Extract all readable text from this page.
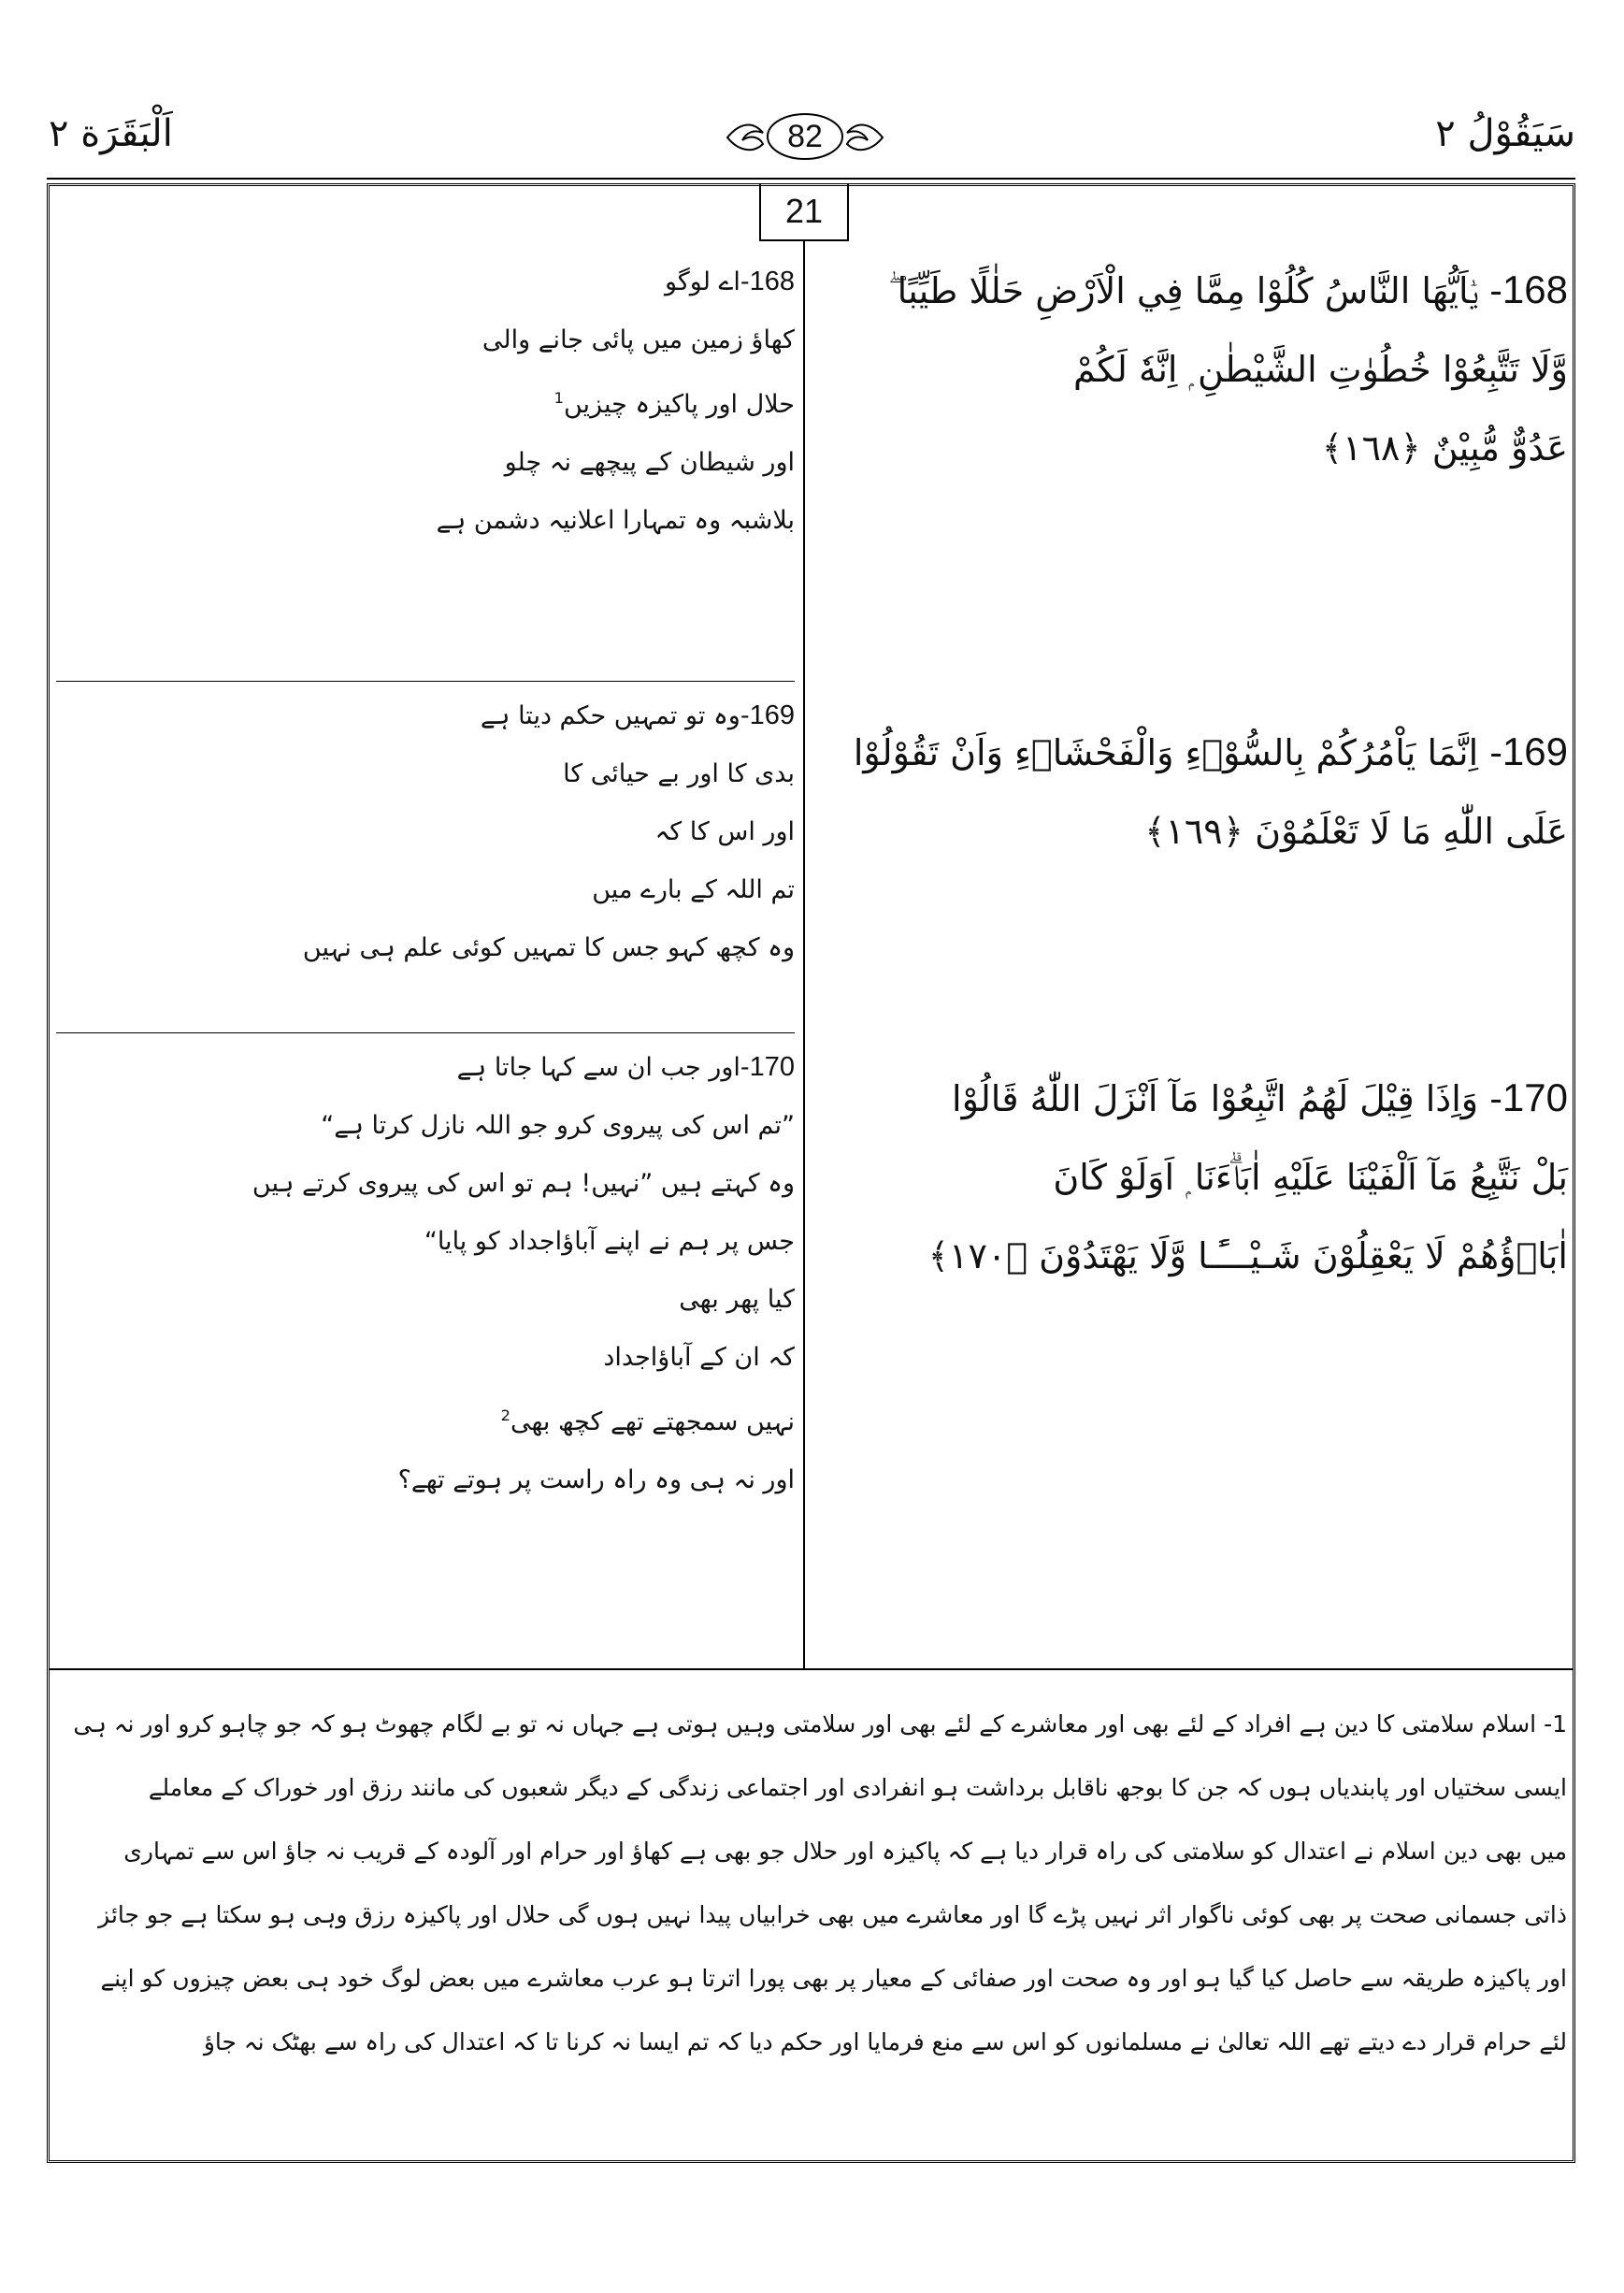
اَلْبَقَرَة ٢	سَيَقُوْلُ ٢
82
21
168- يٰۤاَيُّهَا النَّاسُ كُلُوْا مِمَّا فِي الْاَرْضِ حَلٰلًا طَيِّبًا ۖ
وَّلَا تَتَّبِعُوْا خُطُوٰتِ الشَّيْطٰنِ ۭ اِنَّهٗ لَكُمْ
عَدُوٌّ مُّبِيْنٌ ﴿١٦٨﴾
168-اے لوگو
کھاؤ زمین میں پائی جانے والی
حلال اور پاکیزہ چیزیں$^1$
اور شیطان کے پیچھے نہ چلو
بلاشبہ وہ تمہارا اعلانیہ دشمن ہے
169- اِنَّمَا يَاْمُرُكُمْ بِالسُّوْۗءِ وَالْفَحْشَاۗءِ وَاَنْ تَقُوْلُوْا
عَلَى اللّٰهِ مَا لَا تَعْلَمُوْنَ ﴿١٦٩﴾
169-وہ تو تمہیں حکم دیتا ہے
بدی کا اور بے حیائی کا
اور اس کا کہ
تم اللہ کے بارے میں
وہ کچھ کہو جس کا تمہیں کوئی علم ہی نہیں
170- وَاِذَا قِيْلَ لَهُمُ اتَّبِعُوْا مَآ اَنْزَلَ اللّٰهُ قَالُوْا
بَلْ نَتَّبِعُ مَآ اَلْفَيْنَا عَلَيْهِ اٰبَاۗءَنَا ۭ اَوَلَوْ كَانَ
اٰبَاۗؤُھُمْ لَا يَعْقِلُوْنَ شَـيْـــًٔـا وَّلَا يَهْتَدُوْنَ ﴿١٧٠﴾
170-اور جب ان سے کہا جاتا ہے
”تم اس کی پیروی کرو جو اللہ نازل کرتا ہے“
وہ کہتے ہیں ”نہیں! ہم تو اس کی پیروی کرتے ہیں
جس پر ہم نے اپنے آباؤاجداد کو پایا“
کیا پھر بھی
کہ ان کے آباؤاجداد
نہیں سمجھتے تھے کچھ بھی$^2$
اور نہ ہی وہ راہ راست پر ہوتے تھے؟
1- اسلام سلامتی کا دین ہے افراد کے لئے بھی اور معاشرے کے لئے بھی اور سلامتی وہیں ہوتی ہے جہاں نہ تو بے لگام چھوٹ ہو کہ جو چاہو کرو اور نہ ہی
ایسی سختیاں اور پابندیاں ہوں کہ جن کا بوجھ ناقابل برداشت ہو انفرادی اور اجتماعی زندگی کے دیگر شعبوں کی مانند رزق اور خوراک کے معاملے
میں بھی دین اسلام نے اعتدال کو سلامتی کی راہ قرار دیا ہے کہ پاکیزہ اور حلال جو بھی ہے کھاؤ اور حرام اور آلودہ کے قریب نہ جاؤ اس سے تمہاری
ذاتی جسمانی صحت پر بھی کوئی ناگوار اثر نہیں پڑے گا اور معاشرے میں بھی خرابیاں پیدا نہیں ہوں گی حلال اور پاکیزہ رزق وہی ہو سکتا ہے جو جائز
اور پاکیزہ طریقہ سے حاصل کیا گیا ہو اور وہ صحت اور صفائی کے معیار پر بھی پورا اترتا ہو عرب معاشرے میں بعض لوگ خود ہی بعض چیزوں کو اپنے
لئے حرام قرار دے دیتے تھے اللہ تعالیٰ نے مسلمانوں کو اس سے منع فرمایا اور حکم دیا کہ تم ایسا نہ کرنا تا کہ اعتدال کی راہ سے بھٹک نہ جاؤ
